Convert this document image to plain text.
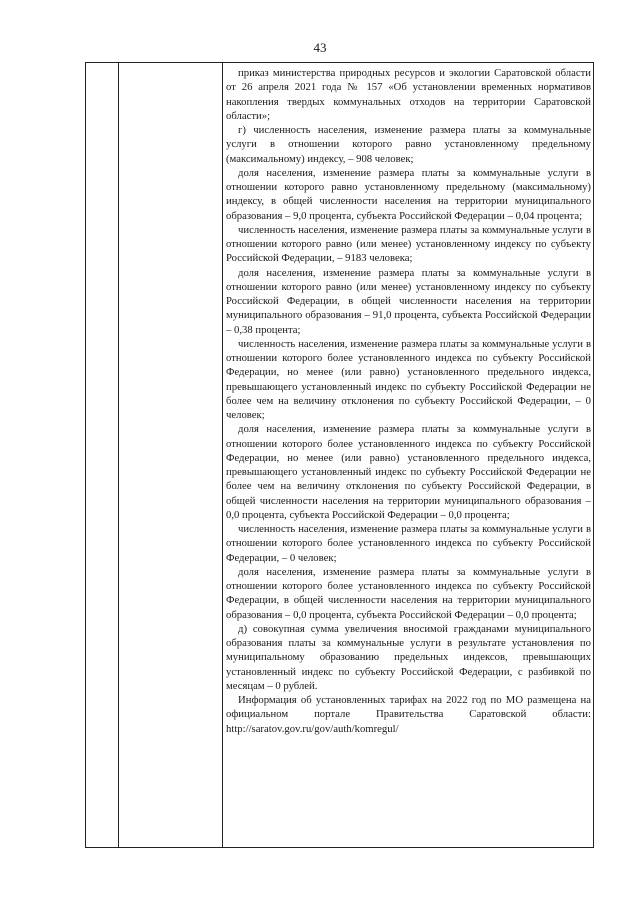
43

приказ министерства природных ресурсов и экологии Саратовской области от 26 апреля 2021 года № 157 «Об установлении временных нормативов накопления твердых коммунальных отходов на территории Саратовской области»;

г) численность населения, изменение размера платы за коммунальные услуги в отношении которого равно установленному предельному (максимальному) индексу, – 908 человек;

доля населения, изменение размера платы за коммунальные услуги в отношении которого равно установленному предельному (максимальному) индексу, в общей численности населения на территории муниципального образования – 9,0 процента, субъекта Российской Федерации – 0,04 процента;

численность населения, изменение размера платы за коммунальные услуги в отношении которого равно (или менее) установленному индексу по субъекту Российской Федерации, – 9183 человека;

доля населения, изменение размера платы за коммунальные услуги в отношении которого равно (или менее) установленному индексу по субъекту Российской Федерации, в общей численности населения на территории муниципального образования – 91,0 процента, субъекта Российской Федерации – 0,38 процента;

численность населения, изменение размера платы за коммунальные услуги в отношении которого более установленного индекса по субъекту Российской Федерации, но менее (или равно) установленного предельного индекса, превышающего установленный индекс по субъекту Российской Федерации не более чем на величину отклонения по субъекту Российской Федерации, – 0 человек;

доля населения, изменение размера платы за коммунальные услуги в отношении которого более установленного индекса по субъекту Российской Федерации, но менее (или равно) установленного предельного индекса, превышающего установленный индекс по субъекту Российской Федерации не более чем на величину отклонения по субъекту Российской Федерации, в общей численности населения на территории муниципального образования – 0,0 процента, субъекта Российской Федерации – 0,0 процента;

численность населения, изменение размера платы за коммунальные услуги в отношении которого более установленного индекса по субъекту Российской Федерации, – 0 человек;

доля населения, изменение размера платы за коммунальные услуги в отношении которого более установленного индекса по субъекту Российской Федерации, в общей численности населения на территории муниципального образования – 0,0 процента, субъекта Российской Федерации – 0,0 процента;

д) совокупная сумма увеличения вносимой гражданами муниципального образования платы за коммунальные услуги в результате установления по муниципальному образованию предельных индексов, превышающих установленный индекс по субъекту Российской Федерации, с разбивкой по месяцам – 0 рублей.

Информация об установленных тарифах на 2022 год по МО размещена на официальном портале Правительства Саратовской области: http://saratov.gov.ru/gov/auth/komregul/
